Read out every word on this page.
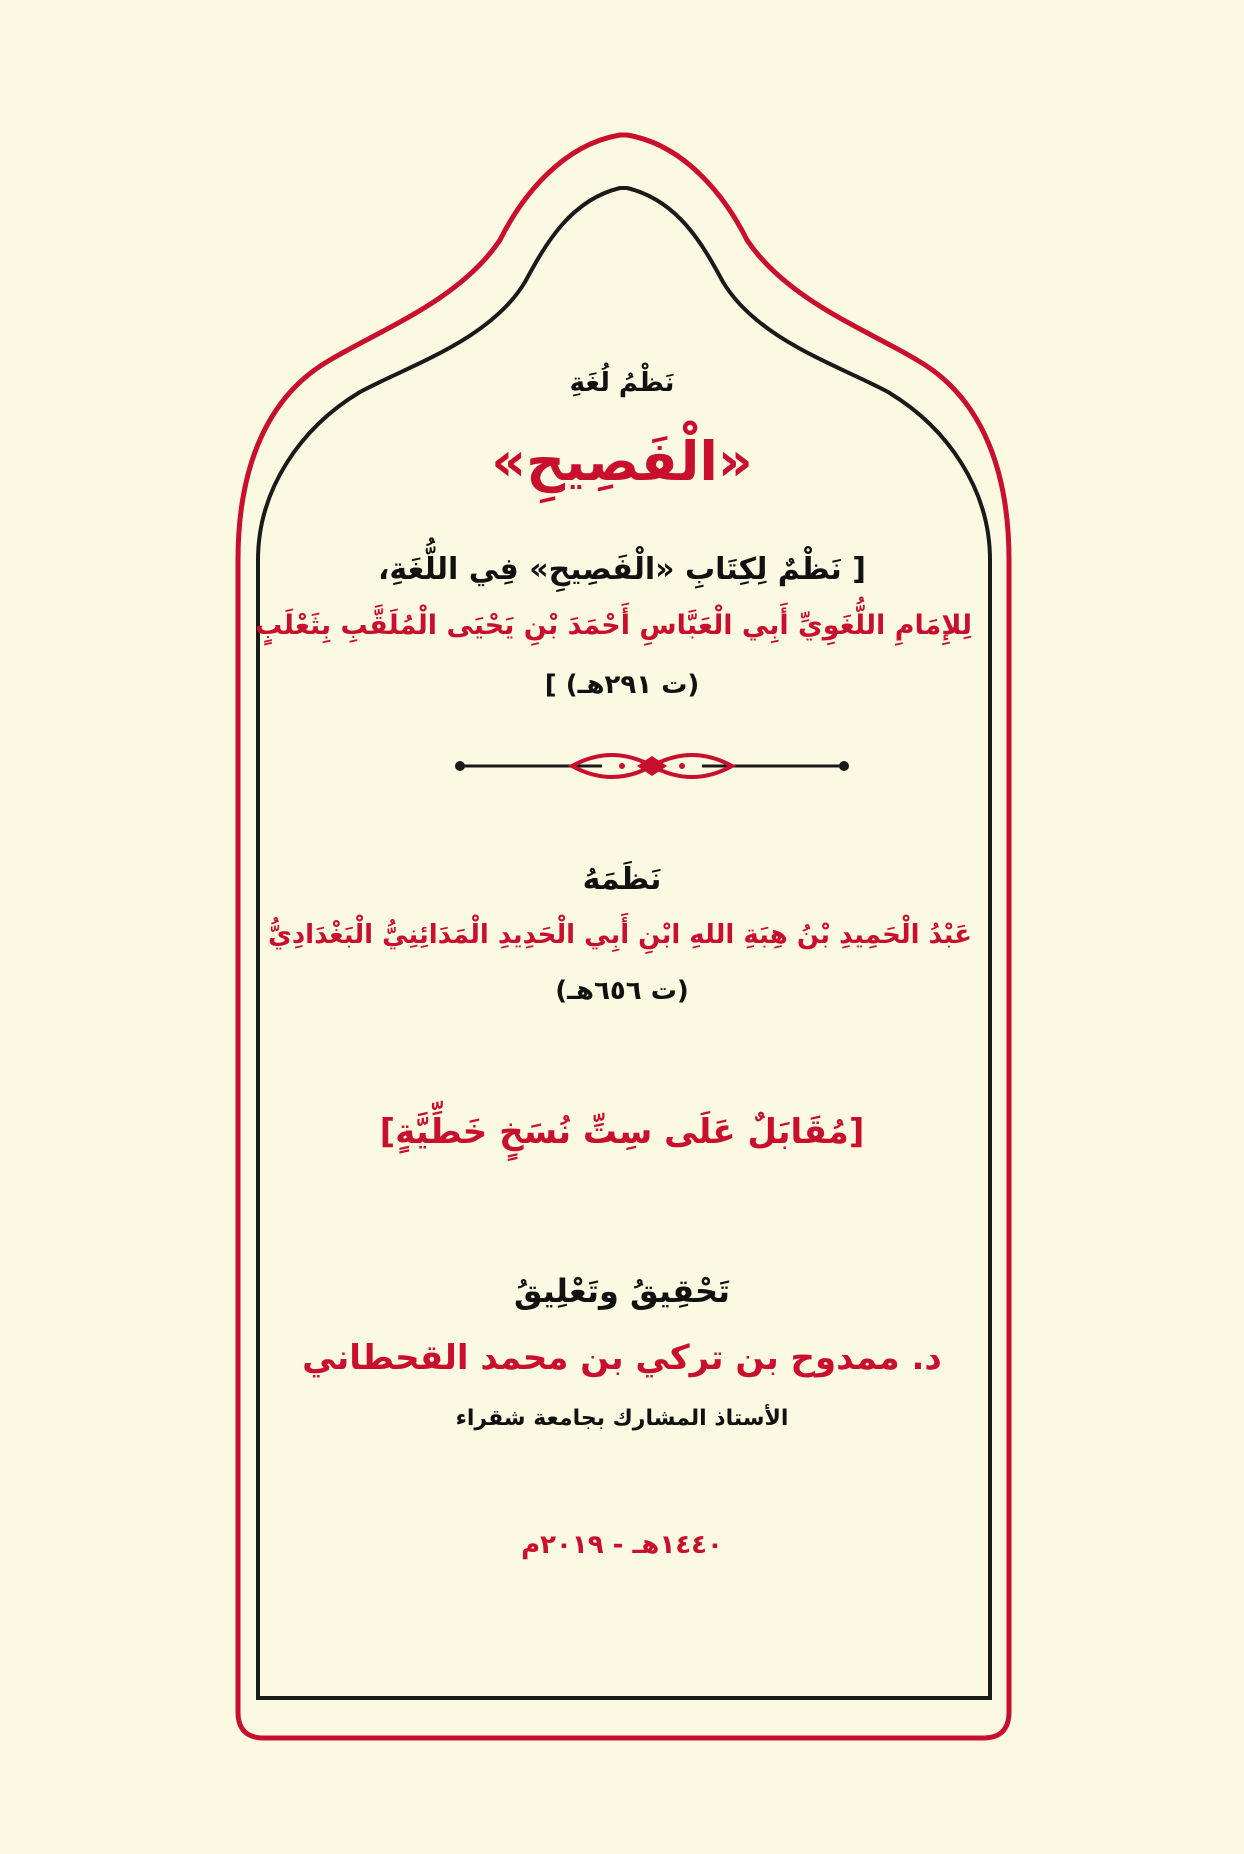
نَظْمُ لُغَةِ
«الْفَصِيحِ»
[ نَظْمٌ لِكِتَابِ «الْفَصِيحِ» فِي اللُّغَةِ،
لِلإِمَامِ اللُّغَوِيِّ أَبِي الْعَبَّاسِ أَحْمَدَ بْنِ يَحْيَى الْمُلَقَّبِ بِثَعْلَبٍ
(ت ٢٩١هـ) ]
نَظَمَهُ
عَبْدُ الْحَمِيدِ بْنُ هِبَةِ اللهِ ابْنِ أَبِي الْحَدِيدِ الْمَدَائِنِيُّ الْبَغْدَادِيُّ
(ت ٦٥٦هـ)
[مُقَابَلٌ عَلَى سِتِّ نُسَخٍ خَطِّيَّةٍ]
تَحْقِيقُ وتَعْلِيقُ
د. ممدوح بن تركي بن محمد القحطاني
الأستاذ المشارك بجامعة شقراء
١٤٤٠هـ - ٢٠١٩م
